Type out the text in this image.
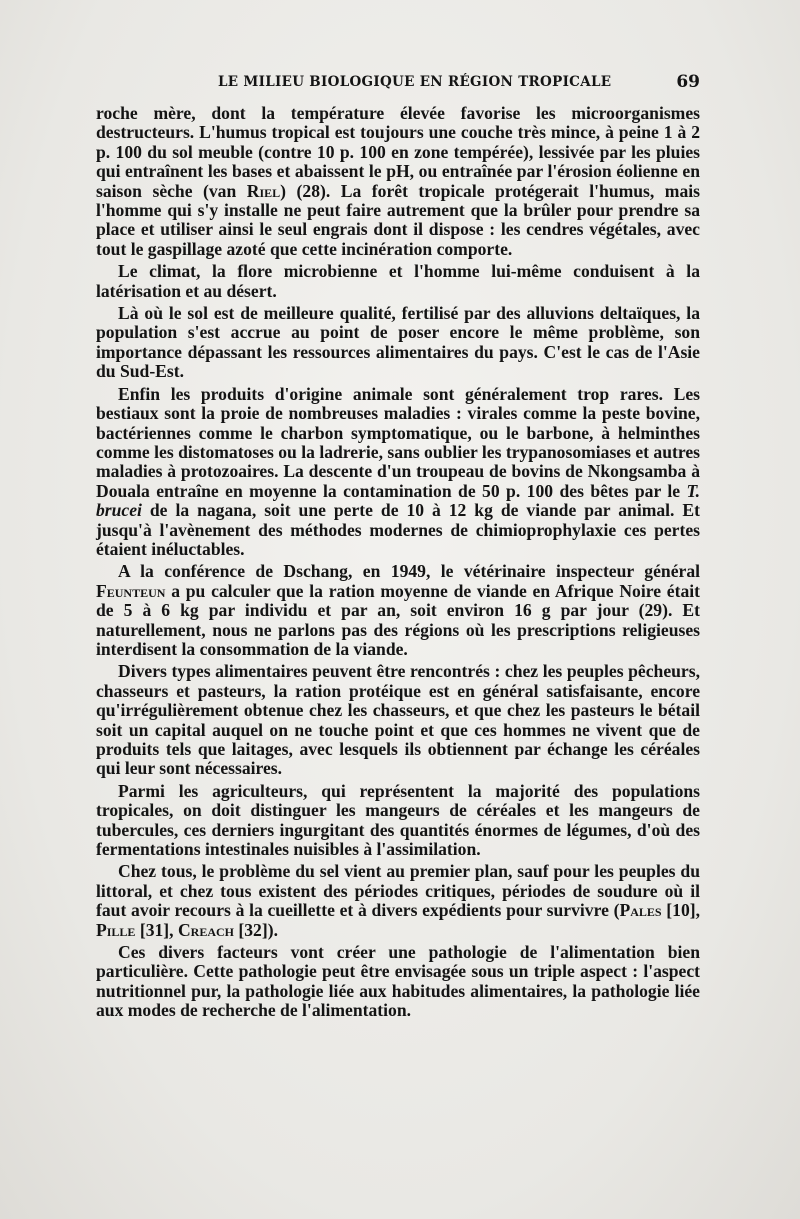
LE MILIEU BIOLOGIQUE EN RÉGION TROPICALE	69

roche mère, dont la température élevée favorise les microorganismes destructeurs. L'humus tropical est toujours une couche très mince, à peine 1 à 2 p. 100 du sol meuble (contre 10 p. 100 en zone tempérée), lessivée par les pluies qui entraînent les bases et abaissent le pH, ou entraînée par l'érosion éolienne en saison sèche (van Riel) (28). La forêt tropicale protégerait l'humus, mais l'homme qui s'y installe ne peut faire autrement que la brûler pour prendre sa place et utiliser ainsi le seul engrais dont il dispose : les cendres végétales, avec tout le gaspillage azoté que cette incinération comporte.

Le climat, la flore microbienne et l'homme lui-même conduisent à la latérisation et au désert.

Là où le sol est de meilleure qualité, fertilisé par des alluvions deltaïques, la population s'est accrue au point de poser encore le même problème, son importance dépassant les ressources alimentaires du pays. C'est le cas de l'Asie du Sud-Est.

Enfin les produits d'origine animale sont généralement trop rares. Les bestiaux sont la proie de nombreuses maladies : virales comme la peste bovine, bactériennes comme le charbon symptomatique, ou le barbone, à helminthes comme les distomatoses ou la ladrerie, sans oublier les trypanosomiases et autres maladies à protozoaires. La descente d'un troupeau de bovins de Nkongsamba à Douala entraîne en moyenne la contamination de 50 p. 100 des bêtes par le T. brucei de la nagana, soit une perte de 10 à 12 kg de viande par animal. Et jusqu'à l'avènement des méthodes modernes de chimioprophylaxie ces pertes étaient inéluctables.

A la conférence de Dschang, en 1949, le vétérinaire inspecteur général Feunteun a pu calculer que la ration moyenne de viande en Afrique Noire était de 5 à 6 kg par individu et par an, soit environ 16 g par jour (29). Et naturellement, nous ne parlons pas des régions où les prescriptions religieuses interdisent la consommation de la viande.

Divers types alimentaires peuvent être rencontrés : chez les peuples pêcheurs, chasseurs et pasteurs, la ration protéique est en général satisfaisante, encore qu'irrégulièrement obtenue chez les chasseurs, et que chez les pasteurs le bétail soit un capital auquel on ne touche point et que ces hommes ne vivent que de produits tels que laitages, avec lesquels ils obtiennent par échange les céréales qui leur sont nécessaires.

Parmi les agriculteurs, qui représentent la majorité des populations tropicales, on doit distinguer les mangeurs de céréales et les mangeurs de tubercules, ces derniers ingurgitant des quantités énormes de légumes, d'où des fermentations intestinales nuisibles à l'assimilation.

Chez tous, le problème du sel vient au premier plan, sauf pour les peuples du littoral, et chez tous existent des périodes critiques, périodes de soudure où il faut avoir recours à la cueillette et à divers expédients pour survivre (Pales [10], Pille [31], Creach [32]).

Ces divers facteurs vont créer une pathologie de l'alimentation bien particulière. Cette pathologie peut être envisagée sous un triple aspect : l'aspect nutritionnel pur, la pathologie liée aux habitudes alimentaires, la pathologie liée aux modes de recherche de l'alimentation.
